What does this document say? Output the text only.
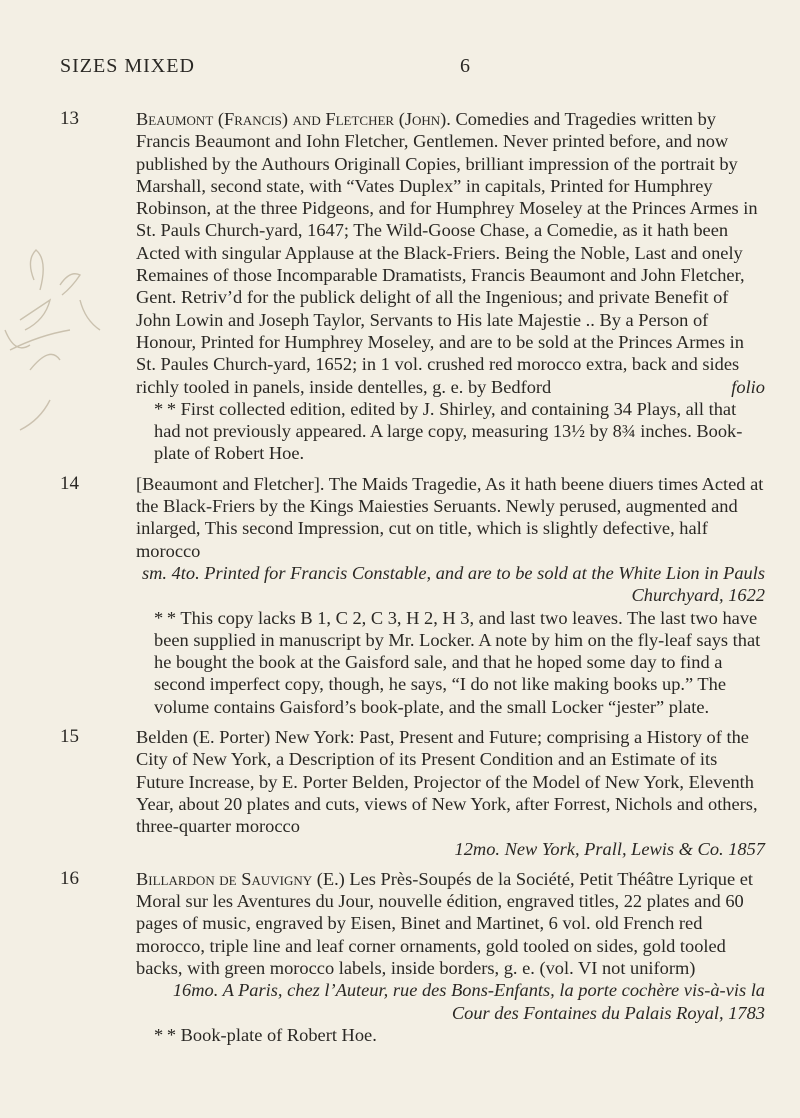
SIZES MIXED	6
13	Beaumont (Francis) and Fletcher (John). Comedies and Tragedies written by Francis Beaumont and Iohn Fletcher, Gentlemen. Never printed before, and now published by the Authours Originall Copies, brilliant impression of the portrait by Marshall, second state, with “Vates Duplex” in capitals, Printed for Humphrey Robinson, at the three Pidgeons, and for Humphrey Moseley at the Princes Armes in St. Pauls Church-yard, 1647; The Wild-Goose Chase, a Comedie, as it hath been Acted with singular Applause at the Black-Friers. Being the Noble, Last and onely Remaines of those Incomparable Dramatists, Francis Beaumont and John Fletcher, Gent. Retriv’d for the publick delight of all the Ingenious; and private Benefit of John Lowin and Joseph Taylor, Servants to His late Majestie .. By a Person of Honour, Printed for Humphrey Moseley, and are to be sold at the Princes Armes in St. Paules Church-yard, 1652; in 1 vol. crushed red morocco extra, back and sides richly tooled in panels, inside dentelles, g. e. by Bedford	folio
* * First collected edition, edited by J. Shirley, and containing 34 Plays, all that had not previously appeared. A large copy, measuring 13½ by 8¾ inches. Book-plate of Robert Hoe.
14	[Beaumont and Fletcher]. The Maids Tragedie, As it hath beene diuers times Acted at the Black-Friers by the Kings Maiesties Seruants. Newly perused, augmented and inlarged, This second Impression, cut on title, which is slightly defective, half morocco
sm. 4to. Printed for Francis Constable, and are to be sold at the White Lion in Pauls Churchyard, 1622
* * This copy lacks B 1, C 2, C 3, H 2, H 3, and last two leaves. The last two have been supplied in manuscript by Mr. Locker. A note by him on the fly-leaf says that he bought the book at the Gaisford sale, and that he hoped some day to find a second imperfect copy, though, he says, “I do not like making books up.” The volume contains Gaisford’s book-plate, and the small Locker “jester” plate.
15	Belden (E. Porter) New York: Past, Present and Future; comprising a History of the City of New York, a Description of its Present Condition and an Estimate of its Future Increase, by E. Porter Belden, Projector of the Model of New York, Eleventh Year, about 20 plates and cuts, views of New York, after Forrest, Nichols and others, three-quarter morocco
12mo. New York, Prall, Lewis & Co. 1857
16	Billardon de Sauvigny (E.) Les Près-Soupés de la Société, Petit Théâtre Lyrique et Moral sur les Aventures du Jour, nouvelle édition, engraved titles, 22 plates and 60 pages of music, engraved by Eisen, Binet and Martinet, 6 vol. old French red morocco, triple line and leaf corner ornaments, gold tooled on sides, gold tooled backs, with green morocco labels, inside borders, g. e. (vol. VI not uniform)
16mo. A Paris, chez l’Auteur, rue des Bons-Enfants, la porte cochère vis-à-vis la Cour des Fontaines du Palais Royal, 1783
* * Book-plate of Robert Hoe.
